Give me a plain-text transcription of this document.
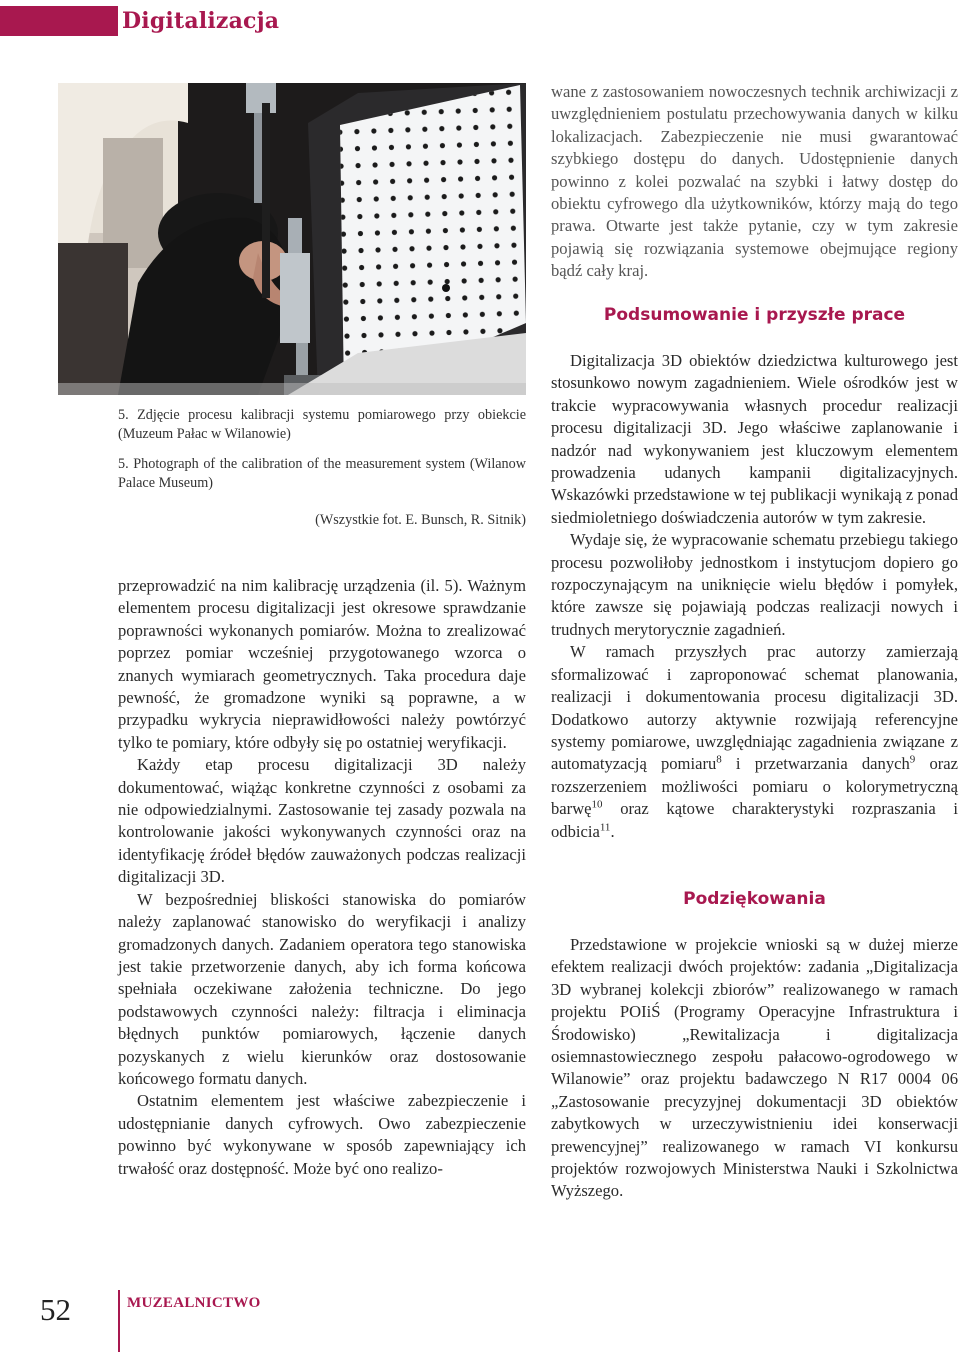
Digitalizacja
5. Zdjęcie procesu kalibracji systemu pomiarowego przy obiekcie (Muzeum Pałac w Wilanowie)
5. Photograph of the calibration of the measurement system (Wilanow Palace Museum)
(Wszystkie fot. E. Bunsch, R. Sitnik)

przeprowadzić na nim kalibrację urządzenia (il. 5). Ważnym elementem procesu digitalizacji jest okresowe sprawdzanie poprawności wykonanych pomiarów. Można to zrealizować poprzez pomiar wcześniej przygotowanego wzorca o znanych wymiarach geometrycznych. Taka procedura daje pewność, że gromadzone wyniki są poprawne, a w przypadku wykrycia nieprawidłowości należy powtórzyć tylko te pomiary, które odbyły się po ostatniej weryfikacji.

Każdy etap procesu digitalizacji 3D należy dokumentować, wiążąc konkretne czynności z osobami za nie odpowiedzialnymi. Zastosowanie tej zasady pozwala na kontrolowanie jakości wykonywanych czynności oraz na identyfikację źródeł błędów zauważonych podczas realizacji digitalizacji 3D.

W bezpośredniej bliskości stanowiska do pomiarów należy zaplanować stanowisko do weryfikacji i analizy gromadzonych danych. Zadaniem operatora tego stanowiska jest takie przetworzenie danych, aby ich forma końcowa spełniała oczekiwane założenia techniczne. Do jego podstawowych czynności należy: filtracja i eliminacja błędnych punktów pomiarowych, łączenie danych pozyskanych z wielu kierunków oraz dostosowanie końcowego formatu danych.

Ostatnim elementem jest właściwe zabezpieczenie i udostępnianie danych cyfrowych. Owo zabezpieczenie powinno być wykonywane w sposób zapewniający ich trwałość oraz dostępność. Może być ono realizo-

wane z zastosowaniem nowoczesnych technik archiwizacji z uwzględnieniem postulatu przechowywania danych w kilku lokalizacjach. Zabezpieczenie nie musi gwarantować szybkiego dostępu do danych. Udostępnienie danych powinno z kolei pozwalać na szybki i łatwy dostęp do obiektu cyfrowego dla użytkowników, którzy mają do tego prawa. Otwarte jest także pytanie, czy w tym zakresie pojawią się rozwiązania systemowe obejmujące regiony bądź cały kraj.

Podsumowanie i przyszłe prace

Digitalizacja 3D obiektów dziedzictwa kulturowego jest stosunkowo nowym zagadnieniem. Wiele ośrodków jest w trakcie wypracowywania własnych procedur realizacji procesu digitalizacji 3D. Jego właściwe zaplanowanie i nadzór nad wykonywaniem jest kluczowym elementem prowadzenia udanych kampanii digitalizacyjnych. Wskazówki przedstawione w tej publikacji wynikają z ponad siedmioletniego doświadczenia autorów w tym zakresie.

Wydaje się, że wypracowanie schematu przebiegu takiego procesu pozwoliłoby jednostkom i instytucjom dopiero go rozpoczynającym na uniknięcie wielu błędów i pomyłek, które zawsze się pojawiają podczas realizacji nowych i trudnych merytorycznie zagadnień.

W ramach przyszłych prac autorzy zamierzają sformalizować i zaproponować schemat planowania, realizacji i dokumentowania procesu digitalizacji 3D. Dodatkowo autorzy aktywnie rozwijają referencyjne systemy pomiarowe, uwzględniając zagadnienia związane z automatyzacją pomiaru$^8$ i przetwarzania danych$^9$ oraz rozszerzeniem możliwości pomiaru o kolorymetryczną barwę$^{10}$ oraz kątowe charakterystyki rozpraszania i odbicia$^{11}$.

Podziękowania

Przedstawione w projekcie wnioski są w dużej mierze efektem realizacji dwóch projektów: zadania „Digitalizacja 3D wybranej kolekcji zbiorów” realizowanego w ramach projektu POIiŚ (Programy Operacyjne Infrastruktura i Środowisko) „Rewitalizacja i digitalizacja osiemnastowiecznego zespołu pałacowo-ogrodowego w Wilanowie” oraz projektu badawczego N R17 0004 06 „Zastosowanie precyzyjnej dokumentacji 3D obiektów zabytkowych w urzeczywistnieniu idei konserwacji prewencyjnej” realizowanego w ramach VI konkursu projektów rozwojowych Ministerstwa Nauki i Szkolnictwa Wyższego.

52	MUZEALNICTWO
